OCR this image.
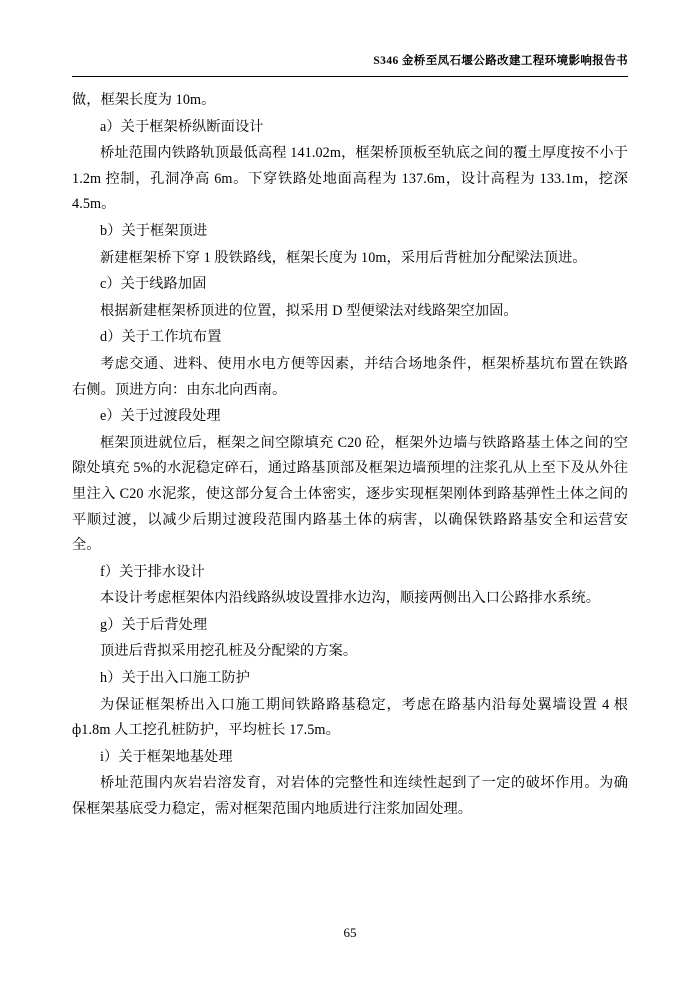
S346 金桥至凤石堰公路改建工程环境影响报告书

做，框架长度为 10m。

a）关于框架桥纵断面设计

桥址范围内铁路轨顶最低高程 141.02m，框架桥顶板至轨底之间的覆土厚度按不小于 1.2m 控制，孔洞净高 6m。下穿铁路处地面高程为 137.6m，设计高程为 133.1m，挖深 4.5m。

b）关于框架顶进

新建框架桥下穿 1 股铁路线，框架长度为 10m，采用后背桩加分配梁法顶进。

c）关于线路加固

根据新建框架桥顶进的位置，拟采用 D 型便梁法对线路架空加固。

d）关于工作坑布置

考虑交通、进料、使用水电方便等因素，并结合场地条件，框架桥基坑布置在铁路右侧。顶进方向：由东北向西南。

e）关于过渡段处理

框架顶进就位后，框架之间空隙填充 C20 砼，框架外边墙与铁路路基土体之间的空隙处填充 5%的水泥稳定碎石，通过路基顶部及框架边墙预埋的注浆孔从上至下及从外往里注入 C20 水泥浆，使这部分复合土体密实，逐步实现框架刚体到路基弹性土体之间的平顺过渡，以减少后期过渡段范围内路基土体的病害，以确保铁路路基安全和运营安全。

f）关于排水设计

本设计考虑框架体内沿线路纵坡设置排水边沟，顺接两侧出入口公路排水系统。

g）关于后背处理

顶进后背拟采用挖孔桩及分配梁的方案。

h）关于出入口施工防护

为保证框架桥出入口施工期间铁路路基稳定，考虑在路基内沿每处翼墙设置 4 根ф1.8m 人工挖孔桩防护，平均桩长 17.5m。

i）关于框架地基处理

桥址范围内灰岩岩溶发育，对岩体的完整性和连续性起到了一定的破坏作用。为确保框架基底受力稳定，需对框架范围内地质进行注浆加固处理。

65
